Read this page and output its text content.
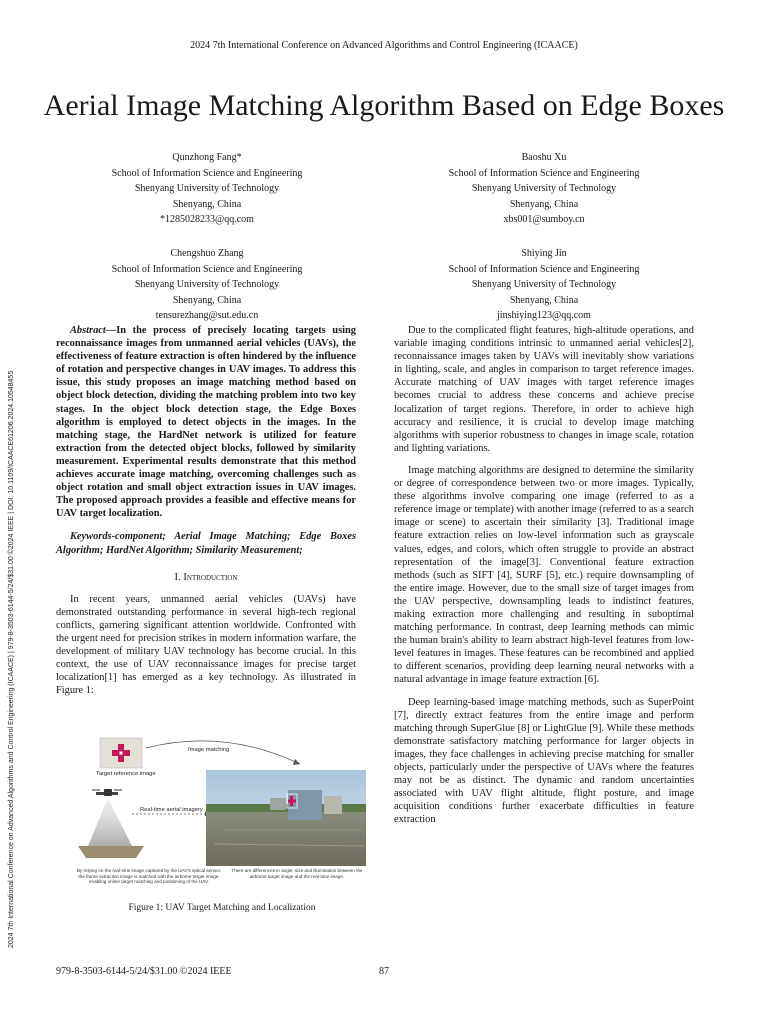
2024 7th International Conference on Advanced Algorithms and Control Engineering (ICAACE)
2024 7th International Conference on Advanced Algorithms and Control Engineering (ICAACE) | 979-8-3503-6144-5/24/$31.00 ©2024 IEEE | DOI: 10.1109/ICAACE61206.2024.10548455
Aerial Image Matching Algorithm Based on Edge Boxes
Qunzhong Fang*
School of Information Science and Engineering
Shenyang University of Technology
Shenyang, China
*1285028233@qq.com
Baoshu Xu
School of Information Science and Engineering
Shenyang University of Technology
Shenyang, China
xbs001@sumboy.cn
Chengshuo Zhang
School of Information Science and Engineering
Shenyang University of Technology
Shenyang, China
tensurezhang@sut.edu.cn
Shiying Jin
School of Information Science and Engineering
Shenyang University of Technology
Shenyang, China
jinshiying123@qq.com

Abstract—In the process of precisely locating targets using reconnaissance images from unmanned aerial vehicles (UAVs), the effectiveness of feature extraction is often hindered by the influence of rotation and perspective changes in UAV images. To address this issue, this study proposes an image matching method based on object block detection, dividing the matching problem into two key stages. In the object block detection stage, the Edge Boxes algorithm is employed to detect objects in the images. In the matching stage, the HardNet network is utilized for feature extraction from the detected object blocks, followed by similarity measurement. Experimental results demonstrate that this method achieves accurate image matching, overcoming challenges such as object rotation and small object extraction issues in UAV images. The proposed approach provides a feasible and effective means for UAV target localization.

Keywords-component; Aerial Image Matching; Edge Boxes Algorithm; HardNet Algorithm; Similarity Measurement;

I. Introduction

In recent years, unmanned aerial vehicles (UAVs) have demonstrated outstanding performance in several high-tech regional conflicts, garnering significant attention worldwide. Confronted with the urgent need for precision strikes in modern information warfare, the development of military UAV technology has become crucial. In this context, the use of UAV reconnaissance images for precise target localization[1] has emerged as a key technology. As illustrated in Figure 1:

Target reference image
Image matching
Real-time aerial imagery
By relying on the real-time image captured by the UAV's optical sensor, the frame extraction image is matched with the airborne target image, enabling online target matching and positioning of the UAV.
There are differences in angle, size and illumination between the airborne target image and the real-time image.
Figure 1: UAV Target Matching and Localization

Due to the complicated flight features, high-altitude operations, and variable imaging conditions intrinsic to unmanned aerial vehicles[2], reconnaissance images taken by UAVs will inevitably show variations in lighting, scale, and angles in comparison to target reference images. Accurate matching of UAV images with target reference images becomes crucial to address these concerns and achieve precise localization of target regions. Therefore, in order to achieve high accuracy and resilience, it is crucial to develop image matching algorithms with superior robustness to changes in image scale, rotation and lighting variations.

Image matching algorithms are designed to determine the similarity or degree of correspondence between two or more images. Typically, these algorithms involve comparing one image (referred to as a reference image or template) with another image (referred to as a search image or scene) to ascertain their similarity [3]. Traditional image feature extraction relies on low-level information such as grayscale values, edges, and colors, which often struggle to provide an abstract representation of the image[3]. Conventional feature extraction methods (such as SIFT [4], SURF [5], etc.) require downsampling of the entire image. However, due to the small size of target images from the UAV perspective, downsampling leads to indistinct features, making extraction more challenging and resulting in suboptimal matching performance. In contrast, deep learning methods can mimic the human brain's ability to learn abstract high-level features from low-level features in images. These features can be recombined and applied to different scenarios, providing deep learning neural networks with a natural advantage in image feature extraction [6].

Deep learning-based image matching methods, such as SuperPoint [7], directly extract features from the entire image and perform matching through SuperGlue [8] or LightGlue [9]. While these methods demonstrate satisfactory matching performance for larger objects in images, they face challenges in achieving precise matching for smaller objects, particularly under the perspective of UAVs where the features may not be as distinct. The dynamic and random uncertainties associated with UAV flight altitude, flight posture, and image acquisition conditions further exacerbate difficulties in feature extraction

979-8-3503-6144-5/24/$31.00 ©2024 IEEE	87
